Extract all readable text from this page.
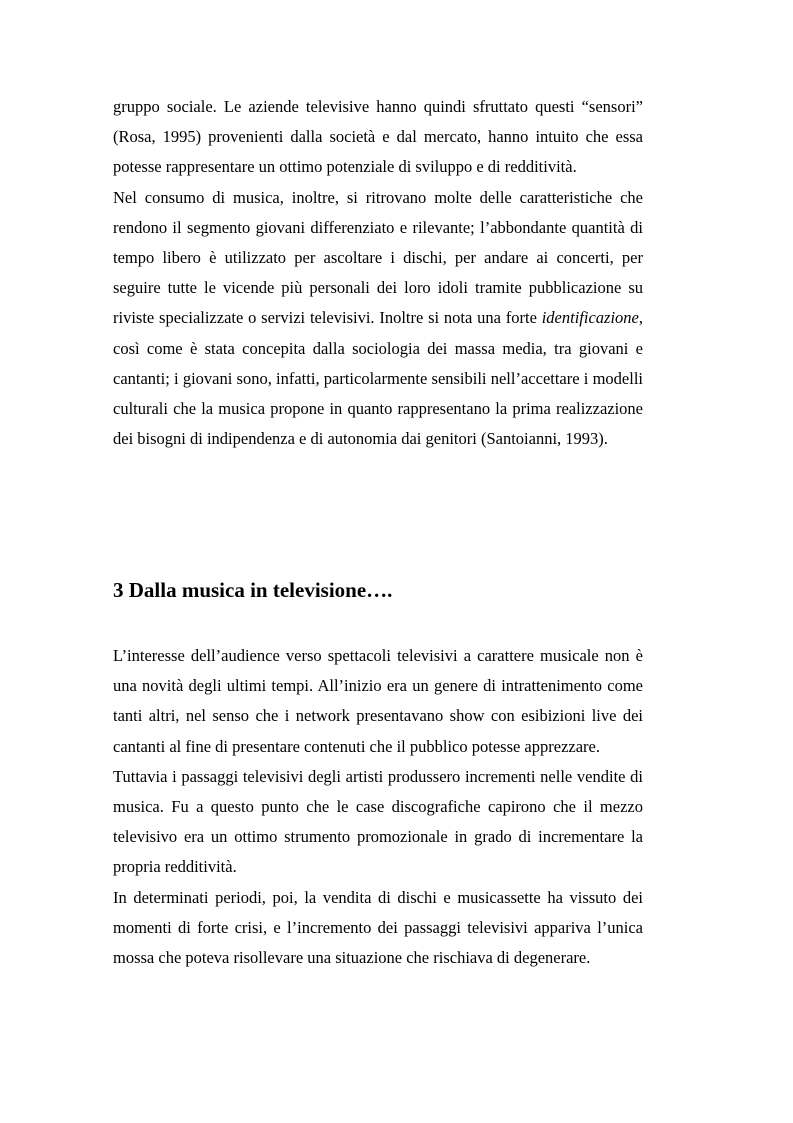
gruppo sociale. Le aziende televisive hanno quindi sfruttato questi “sensori” (Rosa, 1995) provenienti dalla società e dal mercato, hanno intuito che essa potesse rappresentare un ottimo potenziale di sviluppo e di redditività.

Nel consumo di musica, inoltre, si ritrovano molte delle caratteristiche che rendono il segmento giovani differenziato e rilevante; l’abbondante quantità di tempo libero è utilizzato per ascoltare i dischi, per andare ai concerti, per seguire tutte le vicende più personali dei loro idoli tramite pubblicazione su riviste specializzate o servizi televisivi. Inoltre si nota una forte identificazione, così come è stata concepita dalla sociologia dei massa media, tra giovani e cantanti; i giovani sono, infatti, particolarmente sensibili nell’accettare i modelli culturali che la musica propone in quanto rappresentano la prima realizzazione dei bisogni di indipendenza e di autonomia dai genitori (Santoianni, 1993).

3 Dalla musica in televisione….

L’interesse dell’audience verso spettacoli televisivi a carattere musicale non è una novità degli ultimi tempi. All’inizio era un genere di intrattenimento come tanti altri, nel senso che i network presentavano show con esibizioni live dei cantanti al fine di presentare contenuti che il pubblico potesse apprezzare.

Tuttavia i passaggi televisivi degli artisti produssero incrementi nelle vendite di musica. Fu a questo punto che le case discografiche capirono che il mezzo televisivo era un ottimo strumento promozionale in grado di incrementare la propria redditività.

In determinati periodi, poi, la vendita di dischi e musicassette ha vissuto dei momenti di forte crisi, e l’incremento dei passaggi televisivi appariva l’unica mossa che poteva risollevare una situazione che rischiava di degenerare.
